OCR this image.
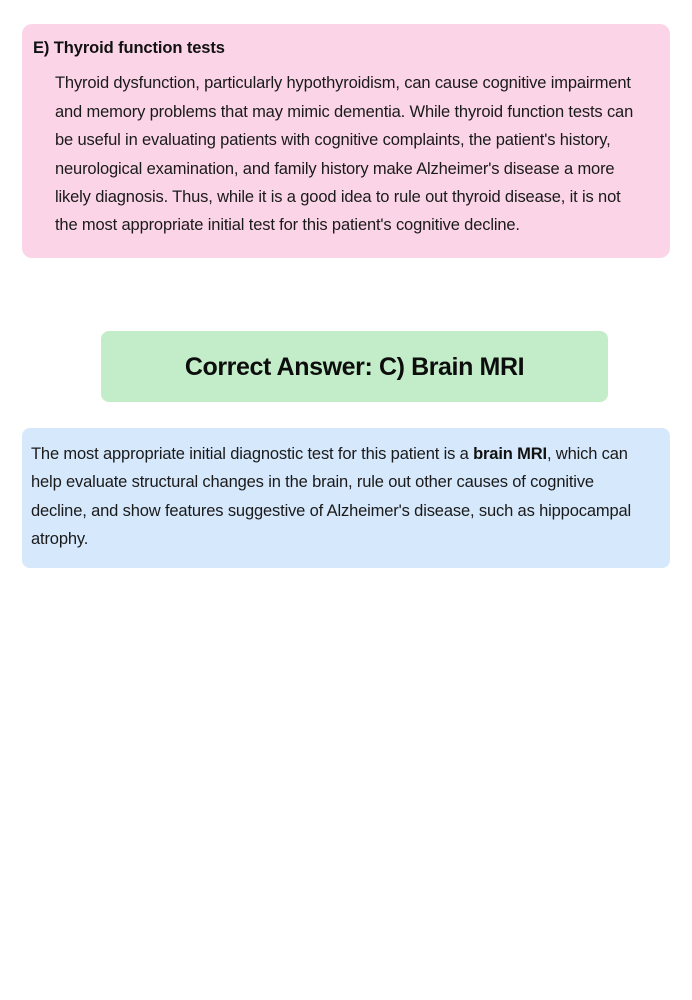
E) Thyroid function tests

Thyroid dysfunction, particularly hypothyroidism, can cause cognitive impairment and memory problems that may mimic dementia. While thyroid function tests can be useful in evaluating patients with cognitive complaints, the patient's history, neurological examination, and family history make Alzheimer's disease a more likely diagnosis. Thus, while it is a good idea to rule out thyroid disease, it is not the most appropriate initial test for this patient's cognitive decline.

Correct Answer: C) Brain MRI

The most appropriate initial diagnostic test for this patient is a brain MRI, which can help evaluate structural changes in the brain, rule out other causes of cognitive decline, and show features suggestive of Alzheimer's disease, such as hippocampal atrophy.
